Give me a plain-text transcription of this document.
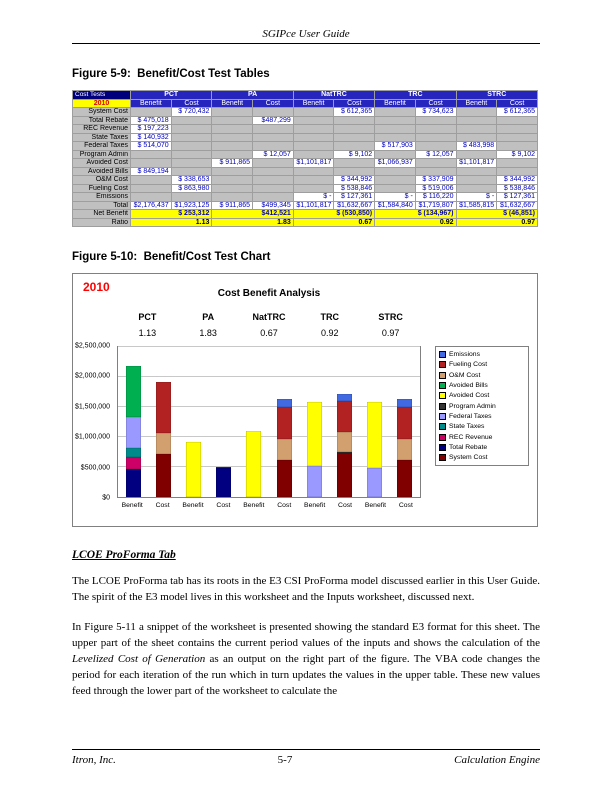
SGIPce User Guide
Figure 5-9:  Benefit/Cost Test Tables
Cost Tests	PCT		PA		NatTRC		TRC		STRC	
2010	Benefit	Cost	Benefit	Cost	Benefit	Cost	Benefit	Cost	Benefit	Cost
System Cost		$ 720,432				$ 612,365		$ 734,623		$ 612,365
Total Rebate	$ 475,018			$487,299						
REC Revenue	$ 197,223									
State Taxes	$ 140,932									
Federal Taxes	$ 514,070						$ 517,903		$ 483,998	
Program Admin				$ 12,057		$ 9,102		$ 12,057		$ 9,102
Avoided Cost			$ 911,865		$1,101,817		$1,066,937		$1,101,817	
Avoided Bills	$ 849,194									
O&M Cost		$ 338,653				$ 344,992		$ 337,909		$ 344,992
Fueling Cost		$ 863,980				$ 538,846		$ 519,006		$ 538,846
Emissions					$ -	$ 127,361	$ -	$ 116,220	$ -	$ 127,361
Total	$2,176,437	$1,923,125	$ 911,865	$499,345	$1,101,817	$1,632,667	$1,584,840	$1,719,807	$1,585,815	$1,632,667
Net Benefit	$ 253,312		$412,521		$ (530,850)		$ (134,967)		$ (46,851)	
Ratio	1.13		1.83		0.67		0.92		0.97	
Figure 5-10:  Benefit/Cost Test Chart
2010	Cost Benefit Analysis
PCT	PA	NatTRC	TRC	STRC
1.13	1.83	0.67	0.92	0.97
$2,500,000
$2,000,000
$1,500,000
$1,000,000
$500,000
$0
Benefit	Cost	Benefit	Cost	Benefit	Cost	Benefit	Cost	Benefit	Cost
Emissions
Fueling Cost
O&M Cost
Avoided Bills
Avoided Cost
Program Admin
Federal Taxes
State Taxes
REC Revenue
Total Rebate
System Cost
LCOE ProForma Tab

The LCOE ProForma tab has its roots in the E3 CSI ProForma model discussed earlier in this User Guide. The spirit of the E3 model lives in this worksheet and the Inputs worksheet, discussed next.

In Figure 5-11 a snippet of the worksheet is presented showing the standard E3 format for this sheet. The upper part of the sheet contains the current period values of the inputs and shows the calculation of the Levelized Cost of Generation as an output on the right part of the figure. The VBA code changes the period for each iteration of the run which in turn updates the values in the upper table. These new values feed through the lower part of the worksheet to calculate the

Itron, Inc.	5-7	Calculation Engine
